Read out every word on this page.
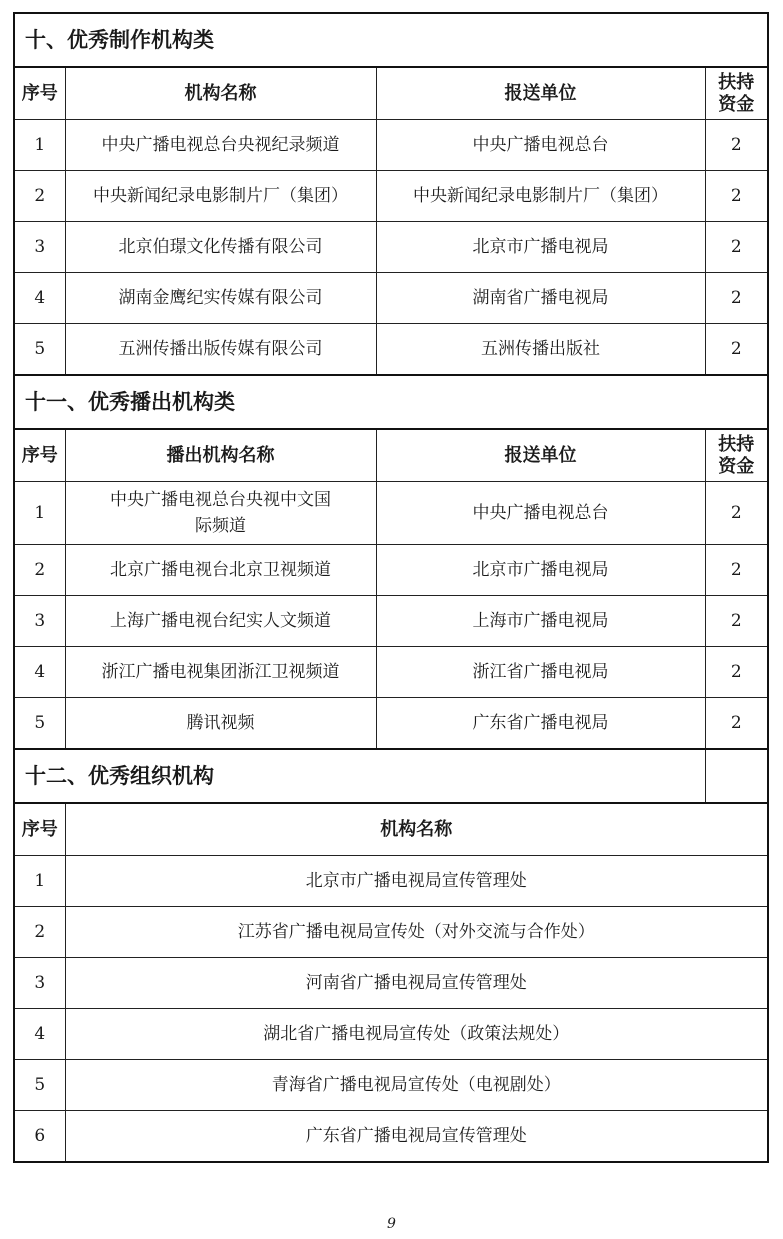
十、优秀制作机构类			
序号	机构名称	报送单位	扶持资金
1	中央广播电视总台央视纪录频道	中央广播电视总台	2
2	中央新闻纪录电影制片厂（集团）	中央新闻纪录电影制片厂（集团）	2
3	北京伯璟文化传播有限公司	北京市广播电视局	2
4	湖南金鹰纪实传媒有限公司	湖南省广播电视局	2
5	五洲传播出版传媒有限公司	五洲传播出版社	2
十一、优秀播出机构类			
序号	播出机构名称	报送单位	扶持资金
1	中央广播电视总台央视中文国际频道	中央广播电视总台	2
2	北京广播电视台北京卫视频道	北京市广播电视局	2
3	上海广播电视台纪实人文频道	上海市广播电视局	2
4	浙江广播电视集团浙江卫视频道	浙江省广播电视局	2
5	腾讯视频	广东省广播电视局	2
十二、优秀组织机构			
序号	机构名称		
1	北京市广播电视局宣传管理处		
2	江苏省广播电视局宣传处（对外交流与合作处）		
3	河南省广播电视局宣传管理处		
4	湖北省广播电视局宣传处（政策法规处）		
5	青海省广播电视局宣传处（电视剧处）		
6	广东省广播电视局宣传管理处		
9
